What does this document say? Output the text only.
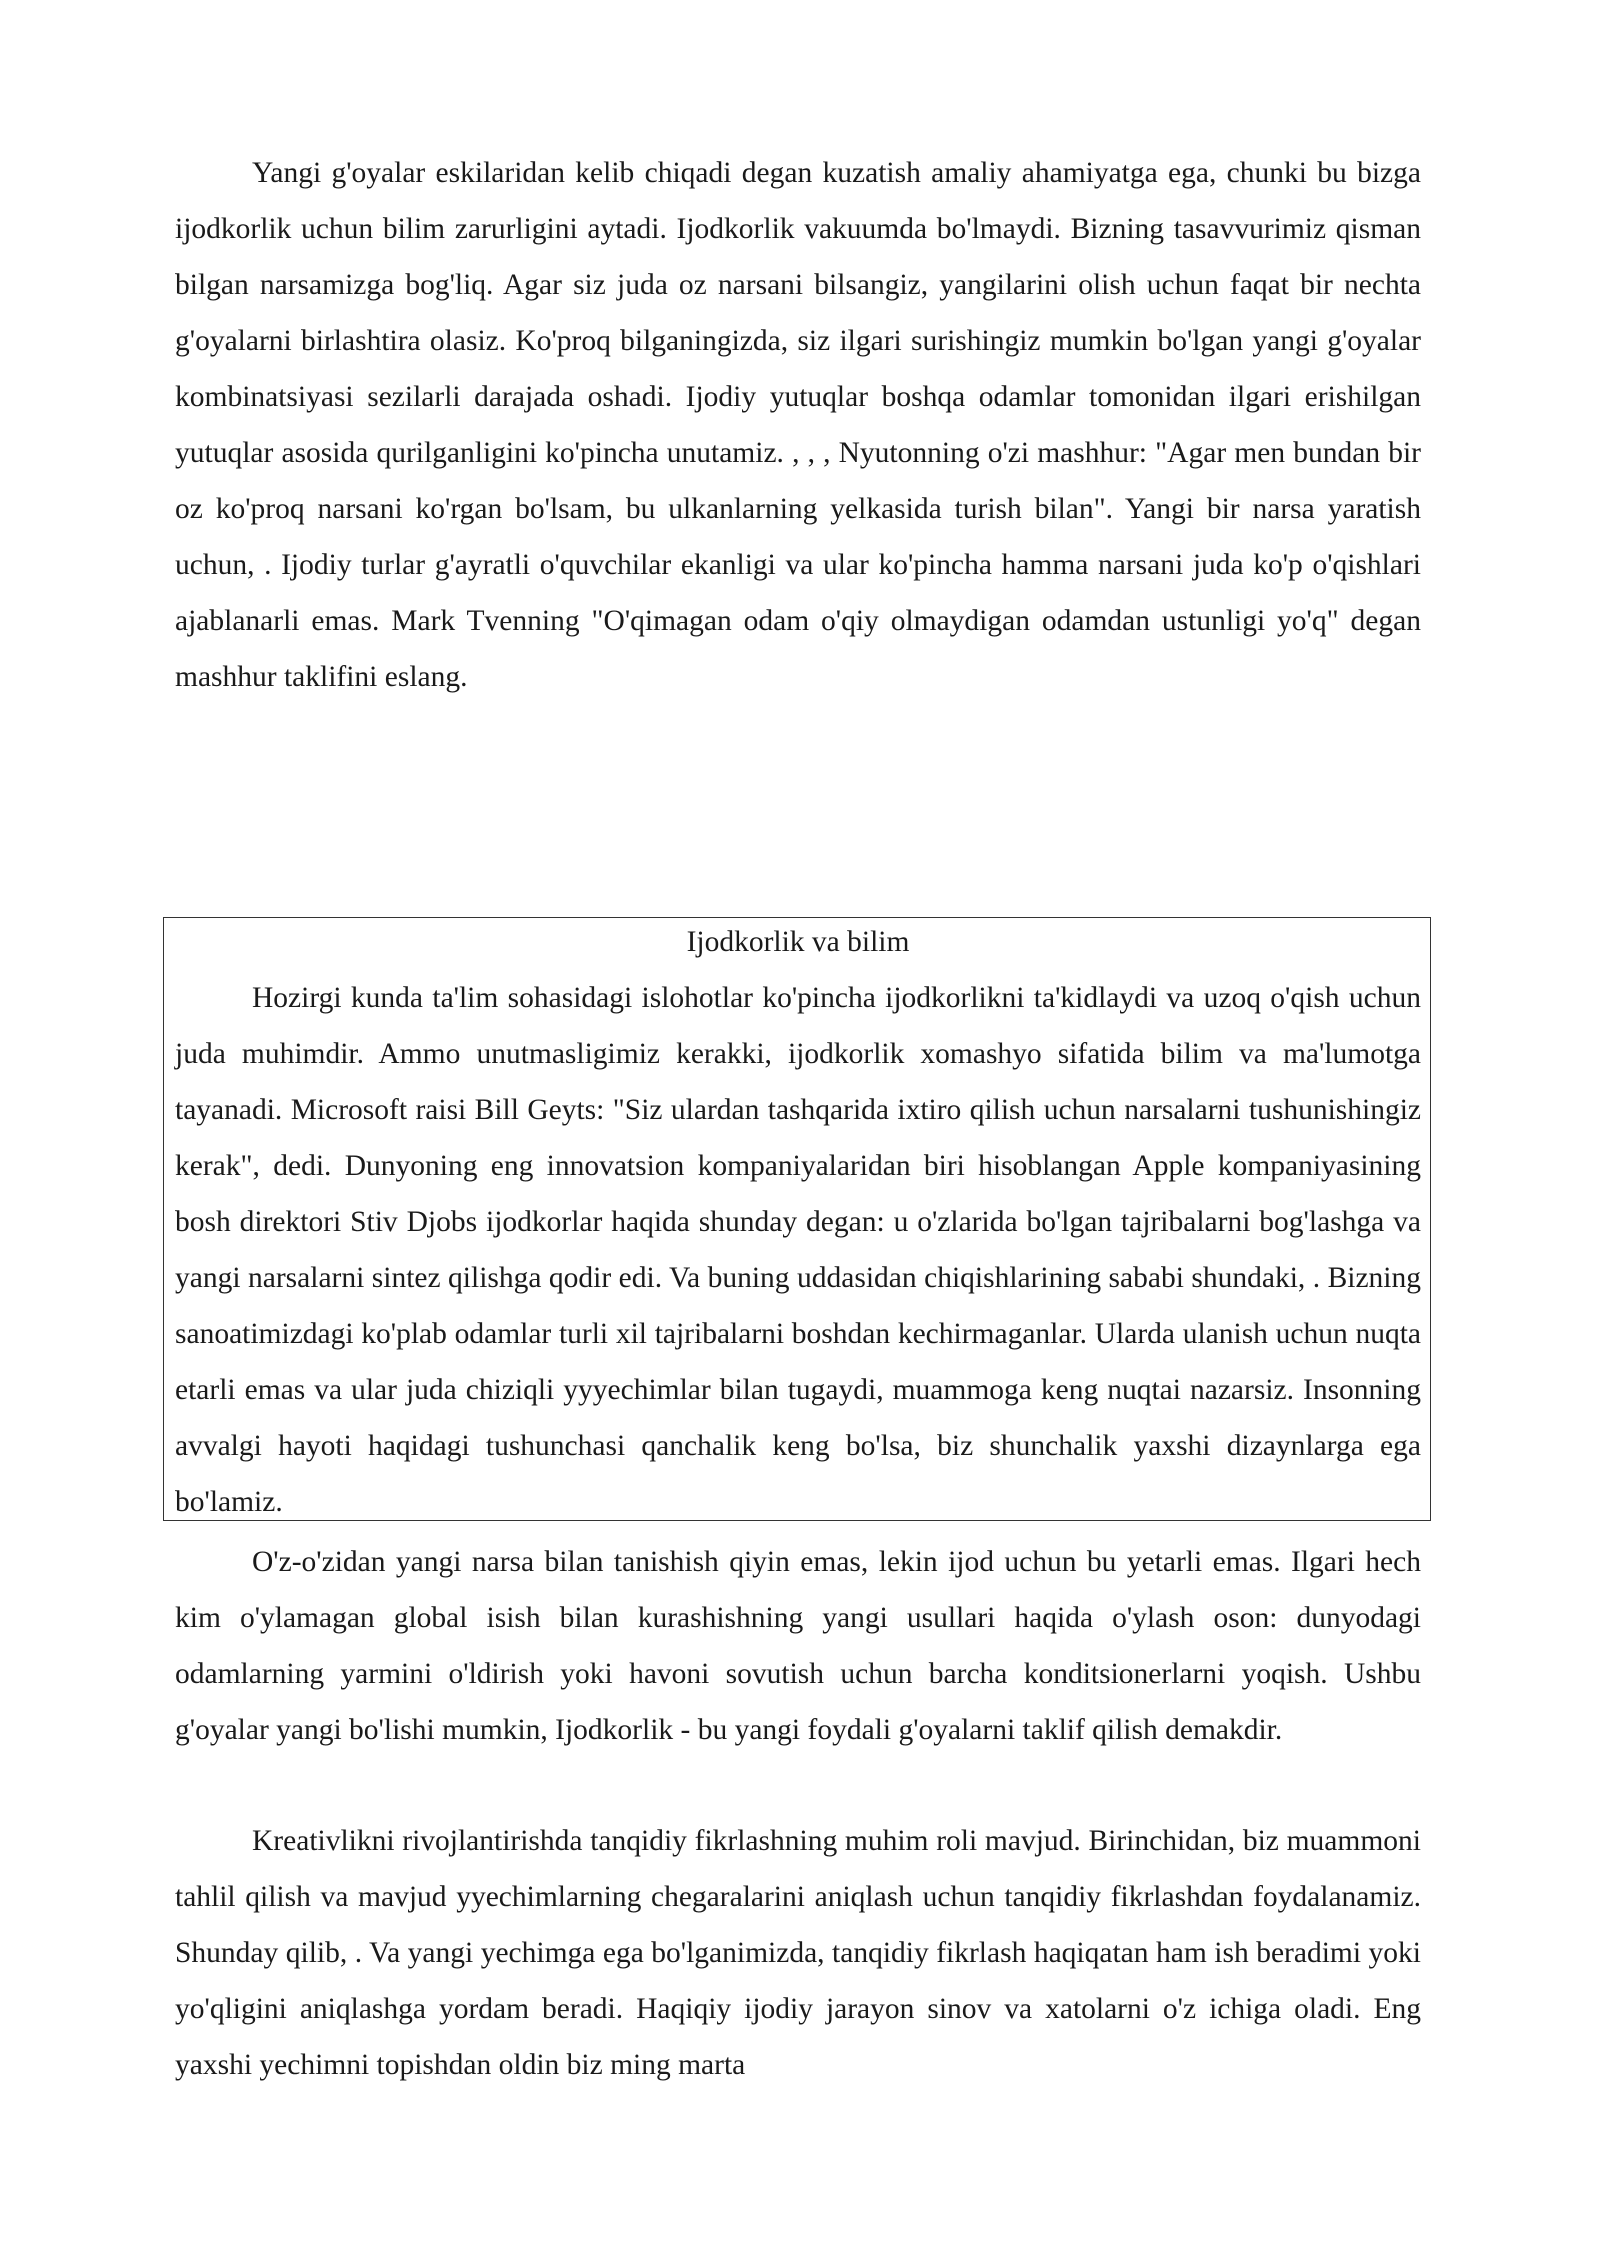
Yangi g'oyalar eskilaridan kelib chiqadi degan kuzatish amaliy ahamiyatga ega, chunki bu bizga ijodkorlik uchun bilim zarurligini aytadi. Ijodkorlik vakuumda bo'lmaydi. Bizning tasavvurimiz qisman bilgan narsamizga bog'liq. Agar siz juda oz narsani bilsangiz, yangilarini olish uchun faqat bir nechta g'oyalarni birlashtira olasiz. Ko'proq bilganingizda, siz ilgari surishingiz mumkin bo'lgan yangi g'oyalar kombinatsiyasi sezilarli darajada oshadi. Ijodiy yutuqlar boshqa odamlar tomonidan ilgari erishilgan yutuqlar asosida qurilganligini ko'pincha unutamiz. , , , Nyutonning o'zi mashhur: "Agar men bundan bir oz ko'proq narsani ko'rgan bo'lsam, bu ulkanlarning yelkasida turish bilan". Yangi bir narsa yaratish uchun, . Ijodiy turlar g'ayratli o'quvchilar ekanligi va ular ko'pincha hamma narsani juda ko'p o'qishlari ajablanarli emas. Mark Tvenning "O'qimagan odam o'qiy olmaydigan odamdan ustunligi yo'q" degan mashhur taklifini eslang.

Ijodkorlik va bilim

Hozirgi kunda ta'lim sohasidagi islohotlar ko'pincha ijodkorlikni ta'kidlaydi va uzoq o'qish uchun juda muhimdir. Ammo unutmasligimiz kerakki, ijodkorlik xomashyo sifatida bilim va ma'lumotga tayanadi. Microsoft raisi Bill Geyts: "Siz ulardan tashqarida ixtiro qilish uchun narsalarni tushunishingiz kerak", dedi. Dunyoning eng innovatsion kompaniyalaridan biri hisoblangan Apple kompaniyasining bosh direktori Stiv Djobs ijodkorlar haqida shunday degan: u o'zlarida bo'lgan tajribalarni bog'lashga va yangi narsalarni sintez qilishga qodir edi. Va buning uddasidan chiqishlarining sababi shundaki, . Bizning sanoatimizdagi ko'plab odamlar turli xil tajribalarni boshdan kechirmaganlar. Ularda ulanish uchun nuqta etarli emas va ular juda chiziqli yyyechimlar bilan tugaydi, muammoga keng nuqtai nazarsiz. Insonning avvalgi hayoti haqidagi tushunchasi qanchalik keng bo'lsa, biz shunchalik yaxshi dizaynlarga ega bo'lamiz.

O'z-o'zidan yangi narsa bilan tanishish qiyin emas, lekin ijod uchun bu yetarli emas. Ilgari hech kim o'ylamagan global isish bilan kurashishning yangi usullari haqida o'ylash oson: dunyodagi odamlarning yarmini o'ldirish yoki havoni sovutish uchun barcha konditsionerlarni yoqish. Ushbu g'oyalar yangi bo'lishi mumkin, Ijodkorlik - bu yangi foydali g'oyalarni taklif qilish demakdir.

Kreativlikni rivojlantirishda tanqidiy fikrlashning muhim roli mavjud. Birinchidan, biz muammoni tahlil qilish va mavjud yyechimlarning chegaralarini aniqlash uchun tanqidiy fikrlashdan foydalanamiz. Shunday qilib, . Va yangi yechimga ega bo'lganimizda, tanqidiy fikrlash haqiqatan ham ish beradimi yoki yo'qligini aniqlashga yordam beradi. Haqiqiy ijodiy jarayon sinov va xatolarni o'z ichiga oladi. Eng yaxshi yechimni topishdan oldin biz ming marta
